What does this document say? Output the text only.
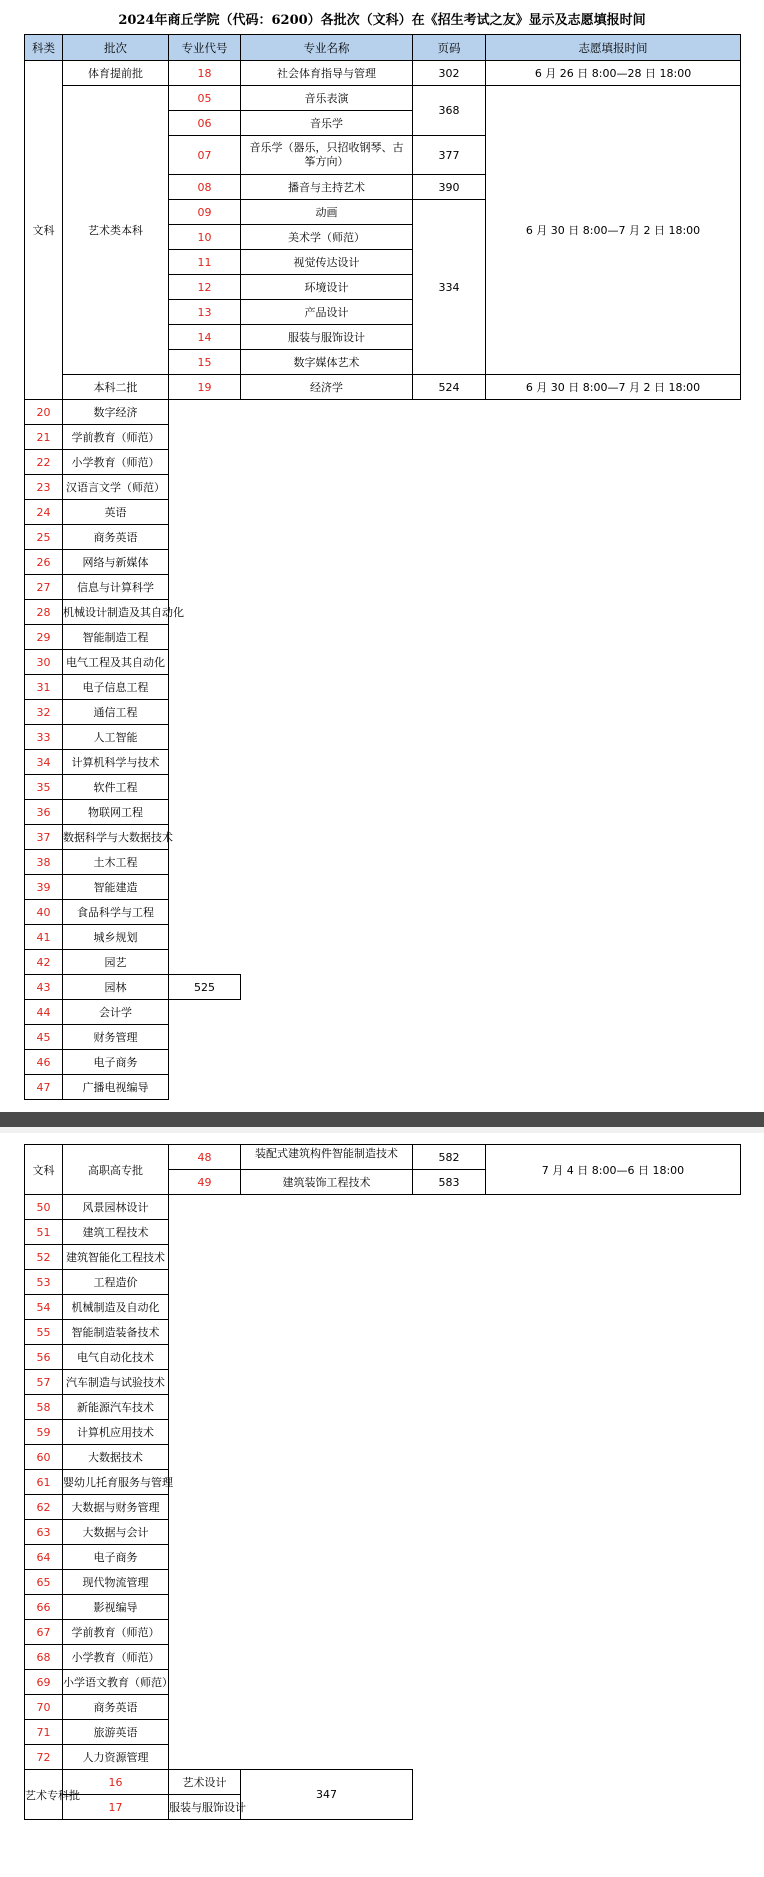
2024年商丘学院（代码：6200）各批次（文科）在《招生考试之友》显示及志愿填报时间
科类	批次	专业代号	专业名称	页码	志愿填报时间
文科	体育提前批	18	社会体育指导与管理	302	6 月 26 日 8:00—28 日 18:00
	艺术类本科	05	音乐表演	368	6 月 30 日 8:00—7 月 2 日 18:00
		06	音乐学		
		07	音乐学（器乐，只招收钢琴、古筝方向）	377	
		08	播音与主持艺术	390	
		09	动画	334	
		10	美术学（师范）		
		11	视觉传达设计		
		12	环境设计		
		13	产品设计		
		14	服装与服饰设计		
		15	数字媒体艺术		
	本科二批	19	经济学	524	6 月 30 日 8:00—7 月 2 日 18:00
20	数字经济				
21	学前教育（师范）				
22	小学教育（师范）				
23	汉语言文学（师范）				
24	英语				
25	商务英语				
26	网络与新媒体				
27	信息与计算科学				
28	机械设计制造及其自动化				
29	智能制造工程				
30	电气工程及其自动化				
31	电子信息工程				
32	通信工程				
33	人工智能				
34	计算机科学与技术				
35	软件工程				
36	物联网工程				
37	数据科学与大数据技术				
38	土木工程				
39	智能建造				
40	食品科学与工程				
41	城乡规划				
42	园艺				
43	园林	525			
44	会计学				
45	财务管理				
46	电子商务				
47	广播电视编导				
文科	高职高专批	48	装配式建筑构件智能制造技术	582	7 月 4 日 8:00—6 日 18:00
		49	建筑装饰工程技术	583	
50	风景园林设计				
51	建筑工程技术				
52	建筑智能化工程技术				
53	工程造价				
54	机械制造及自动化				
55	智能制造装备技术				
56	电气自动化技术				
57	汽车制造与试验技术				
58	新能源汽车技术				
59	计算机应用技术				
60	大数据技术				
61	婴幼儿托育服务与管理				
62	大数据与财务管理				
63	大数据与会计				
64	电子商务				
65	现代物流管理				
66	影视编导				
67	学前教育（师范）				
68	小学教育（师范）				
69	小学语文教育（师范）				
70	商务英语				
71	旅游英语				
72	人力资源管理				
艺术专科批	16	艺术设计	347		
	17	服装与服饰设计			
